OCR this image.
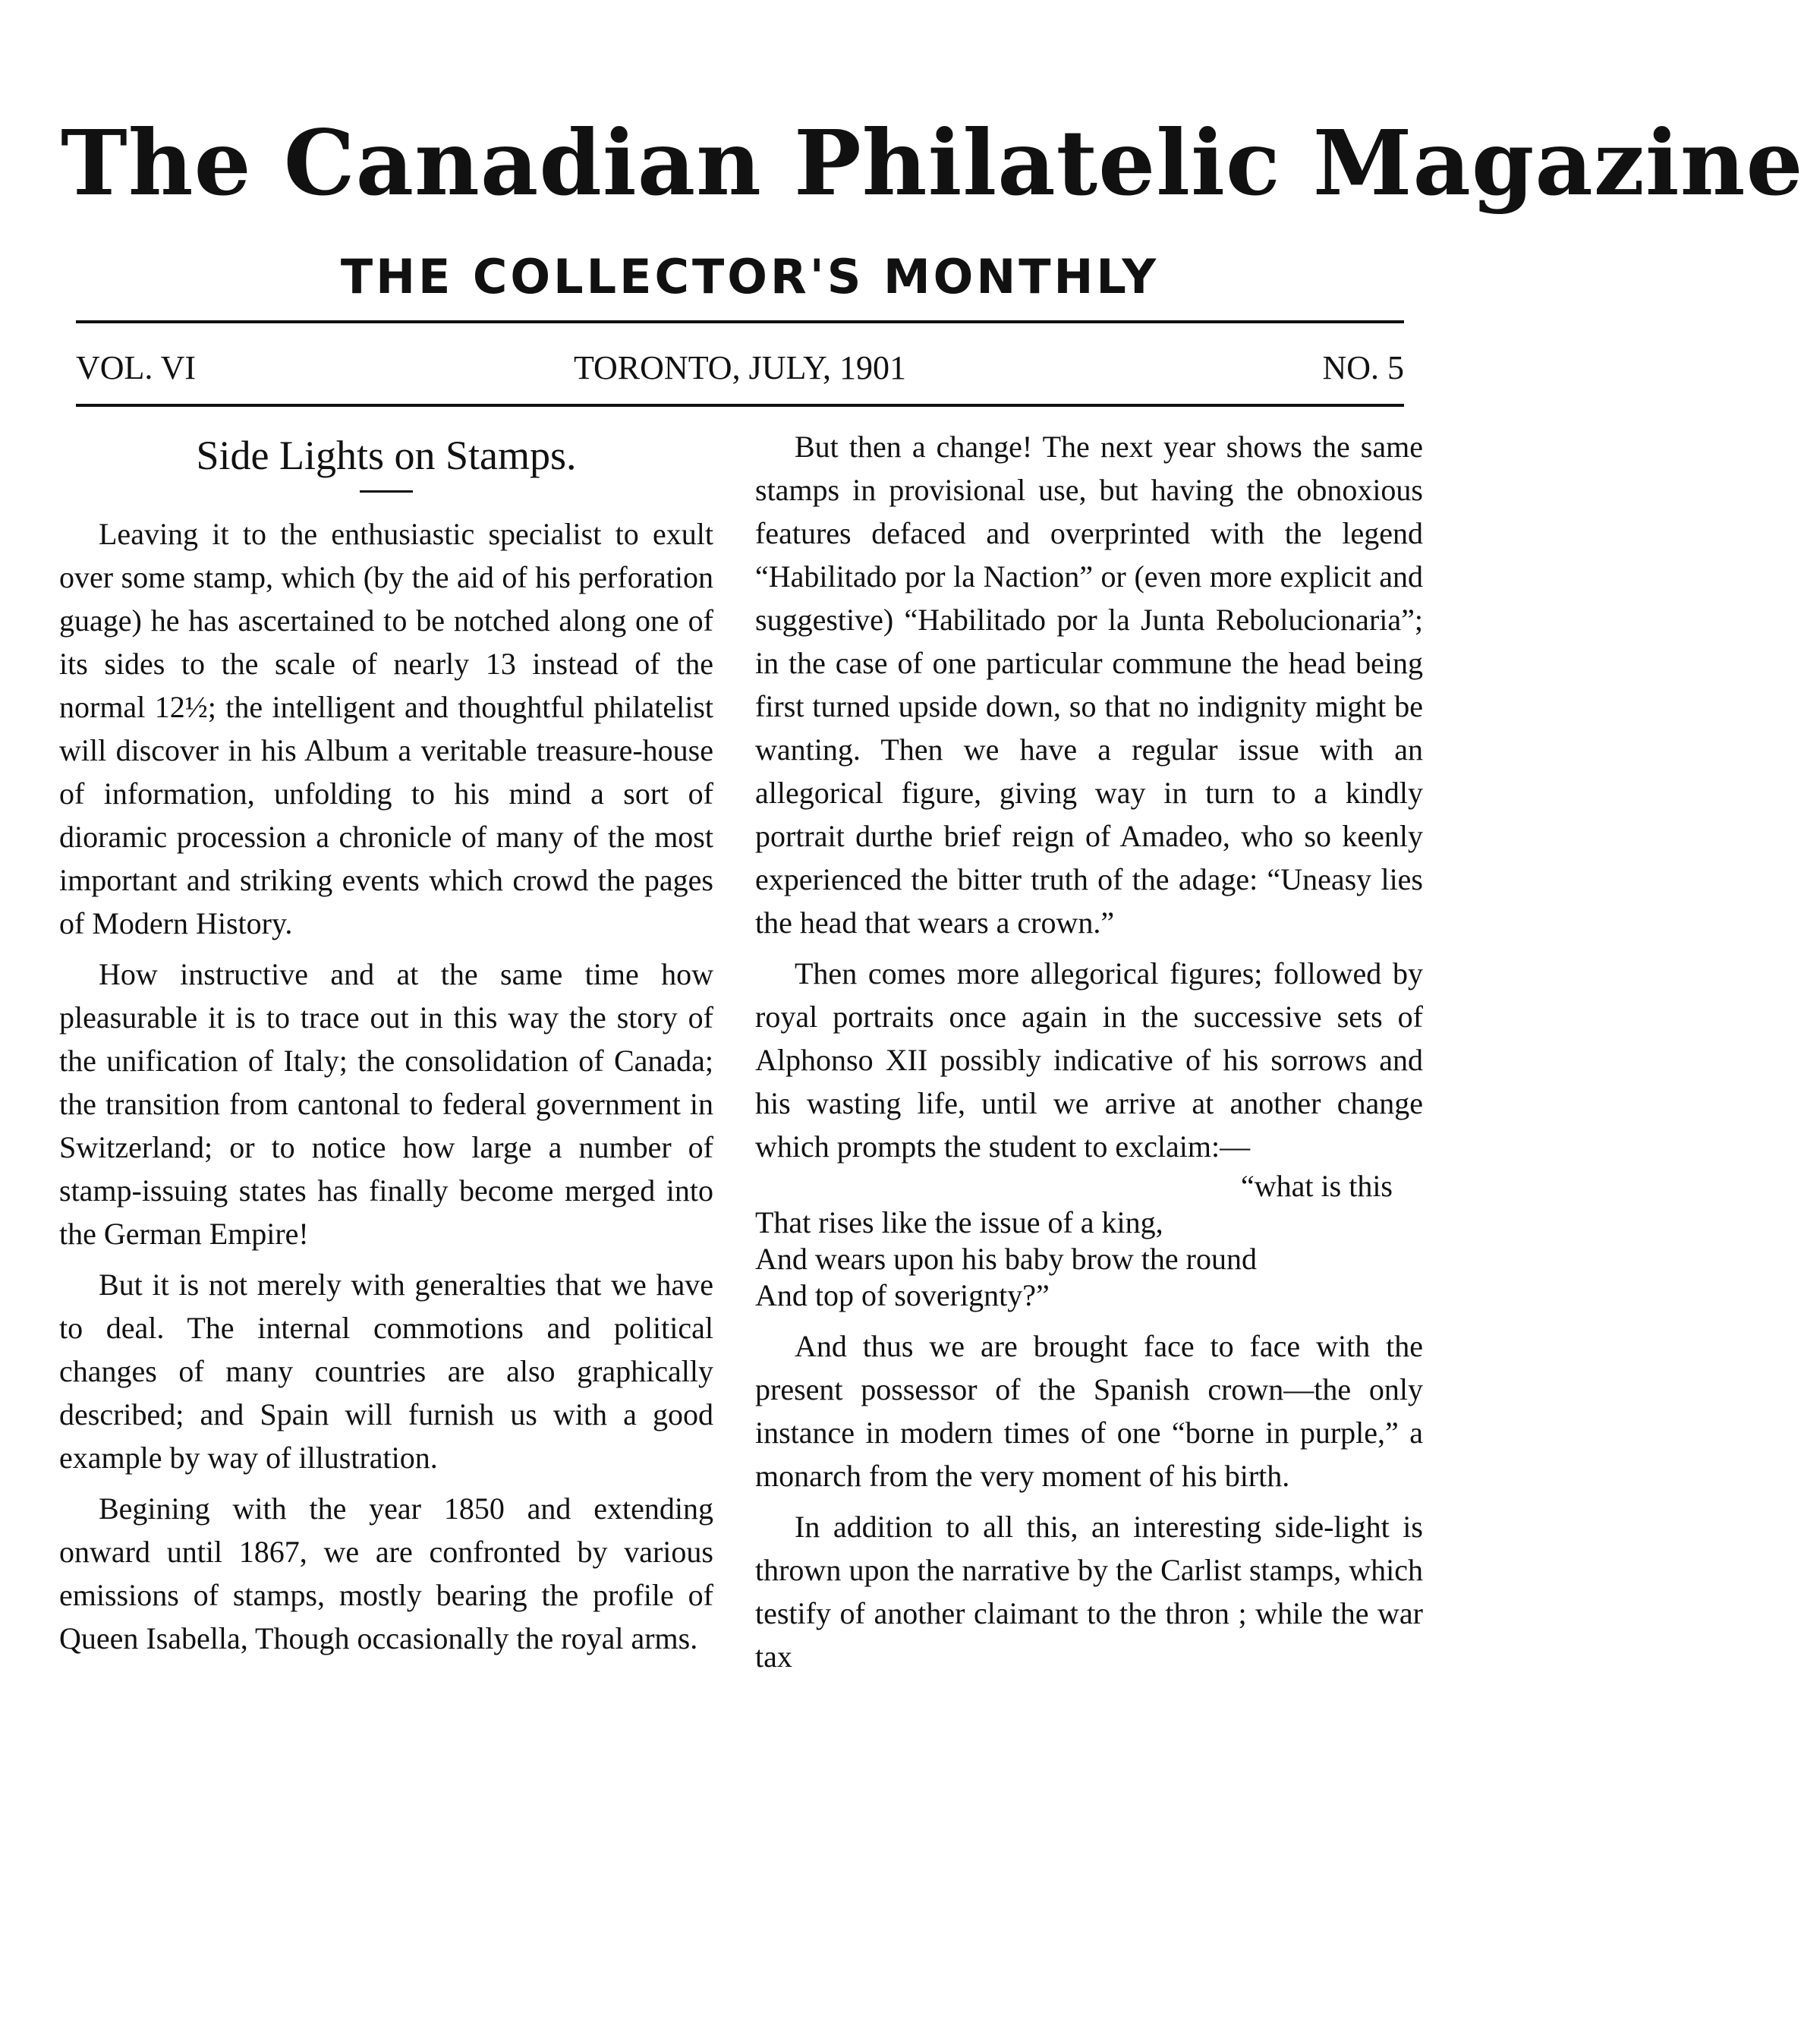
The Canadian Philatelic Magazine
THE COLLECTOR'S MONTHLY
VOL. VI	TORONTO, JULY, 1901	NO. 5
Side Lights on Stamps.

Leaving it to the enthusiastic specialist to exult over some stamp, which (by the aid of his perforation guage) he has ascertained to be notched along one of its sides to the scale of nearly 13 instead of the normal 12½; the intelligent and thoughtful philatelist will discover in his Album a veritable treasure-house of information, unfolding to his mind a sort of dioramic procession a chronicle of many of the most important and striking events which crowd the pages of Modern History.

How instructive and at the same time how pleasurable it is to trace out in this way the story of the unification of Italy; the consolidation of Canada; the transition from cantonal to federal government in Switzerland; or to notice how large a number of stamp-issuing states has finally become merged into the German Empire!

But it is not merely with generalties that we have to deal. The internal commotions and political changes of many countries are also graphically described; and Spain will furnish us with a good example by way of illustration.

Begining with the year 1850 and extending onward until 1867, we are confronted by various emissions of stamps, mostly bearing the profile of Queen Isabella, Though occasionally the royal arms.

But then a change! The next year shows the same stamps in provisional use, but having the obnoxious features defaced and overprinted with the legend “Habilitado por la Naction” or (even more explicit and suggestive) “Habilitado por la Junta Rebolucionaria”; in the case of one particular commune the head being first turned upside down, so that no indignity might be wanting. Then we have a regular issue with an allegorical figure, giving way in turn to a kindly portrait durthe brief reign of Amadeo, who so keenly experienced the bitter truth of the adage: “Uneasy lies the head that wears a crown.”

Then comes more allegorical figures; followed by royal portraits once again in the successive sets of Alphonso XII possibly indicative of his sorrows and his wasting life, until we arrive at another change which prompts the student to exclaim:—

“what is this
That rises like the issue of a king,
And wears upon his baby brow the round
And top of soverignty?”

And thus we are brought face to face with the present possessor of the Spanish crown—the only instance in modern times of one “borne in purple,” a monarch from the very moment of his birth.

In addition to all this, an interesting side-light is thrown upon the narrative by the Carlist stamps, which testify of another claimant to the thron ; while the war tax
